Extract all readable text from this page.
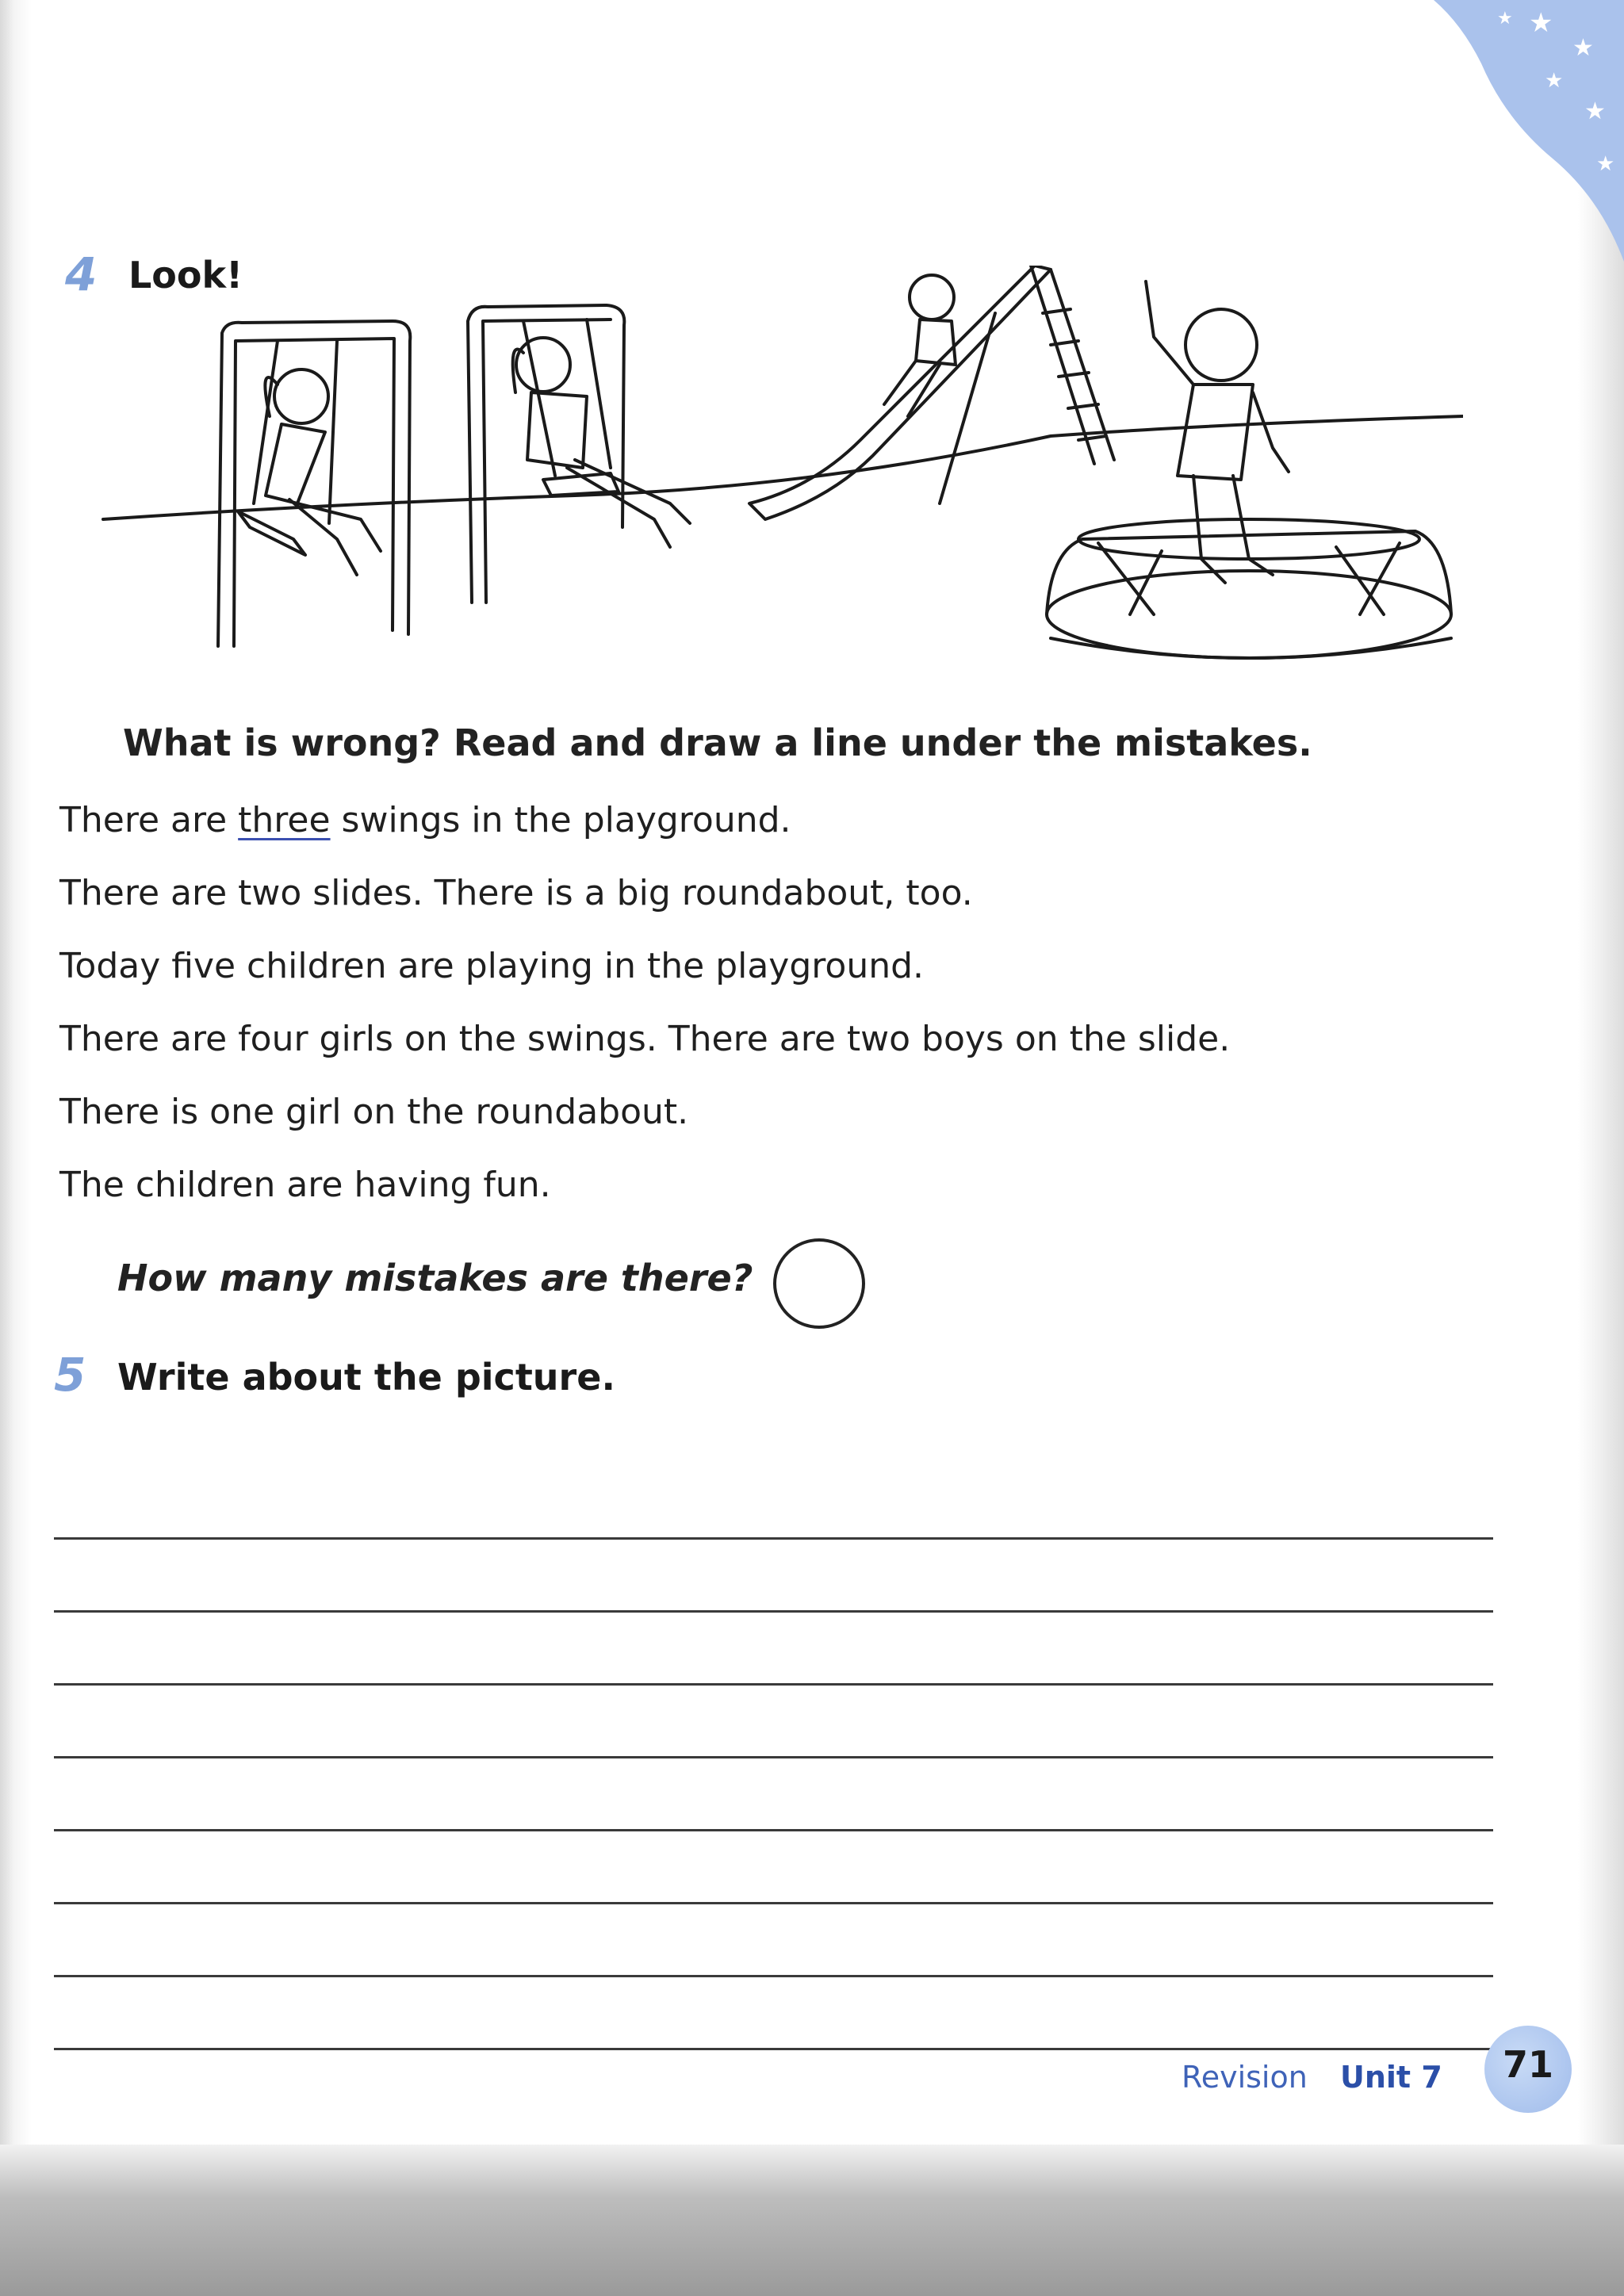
★
★
★
★
★
★
4 Look!
What is wrong? Read and draw a line under the mistakes.
There are three swings in the playground.
There are two slides. There is a big roundabout, too.
Today five children are playing in the playground.
There are four girls on the swings. There are two boys on the slide.
There is one girl on the roundabout.
The children are having fun.
How many mistakes are there?
5 Write about the picture.
Revision Unit 7	71
